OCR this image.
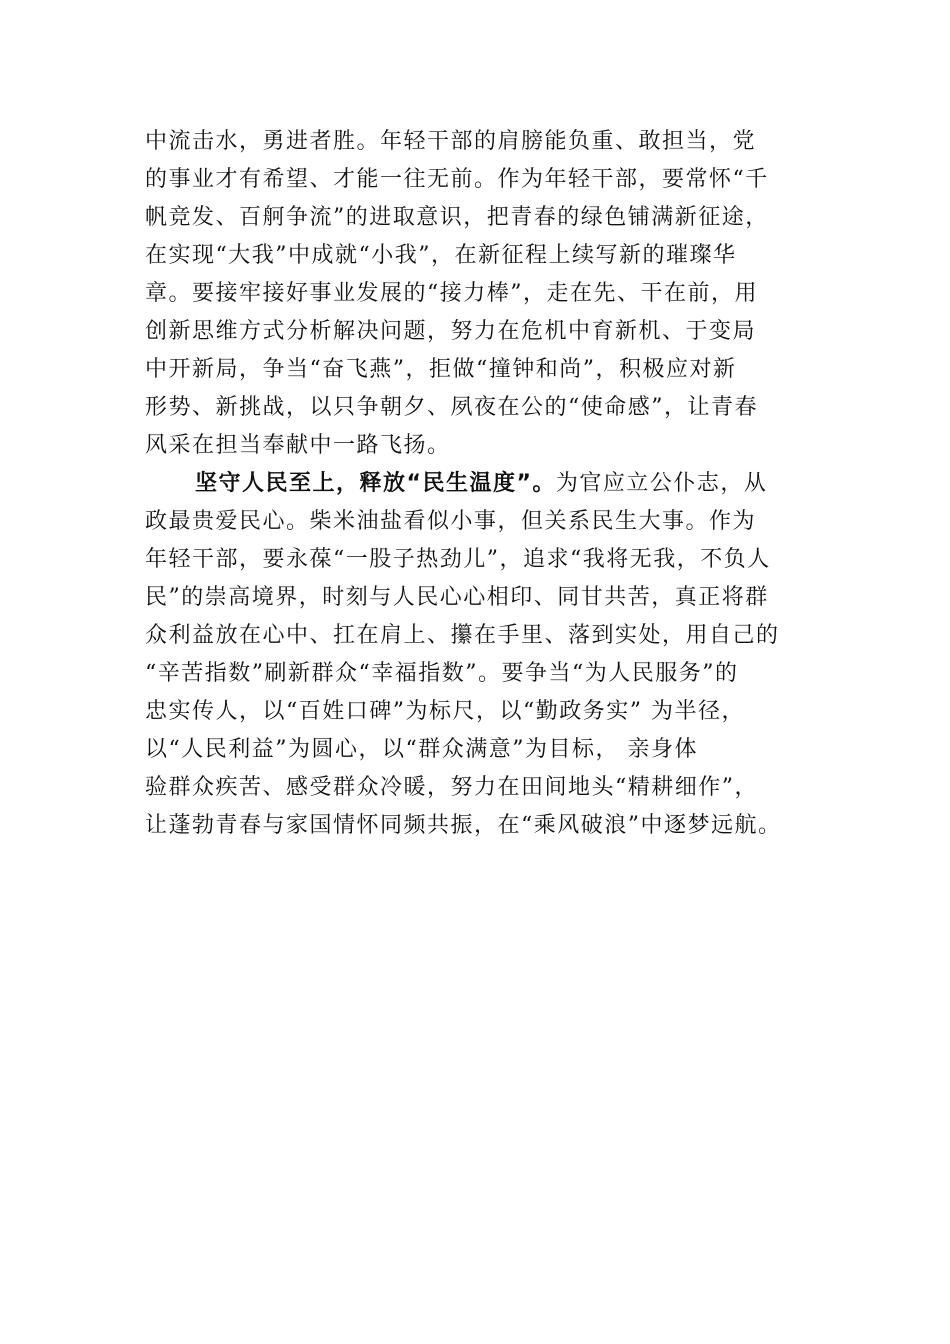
中流击水，勇进者胜。年轻干部的肩膀能负重、敢担当，党
的事业才有希望、才能一往无前。作为年轻干部，要常怀“千
帆竞发、百舸争流”的进取意识，把青春的绿色铺满新征途，
在实现“大我”中成就“小我”，在新征程上续写新的璀璨华
章。要接牢接好事业发展的“接力棒”，走在先、干在前，用
创新思维方式分析解决问题，努力在危机中育新机、于变局
中开新局，争当“奋飞燕”，拒做“撞钟和尚”，积极应对新
形势、新挑战，以只争朝夕、夙夜在公的“使命感”，让青春
风采在担当奉献中一路飞扬。
坚守人民至上，释放“民生温度”。为官应立公仆志，从
政最贵爱民心。柴米油盐看似小事，但关系民生大事。作为
年轻干部，要永葆“一股子热劲儿”，追求“我将无我，不负人
民”的崇高境界，时刻与人民心心相印、同甘共苦，真正将群
众利益放在心中、扛在肩上、攥在手里、落到实处，用自己的
“辛苦指数”刷新群众“幸福指数”。要争当“为人民服务”的
忠实传人，以“百姓口碑”为标尺，以“勤政务实” 为半径，
以“人民利益”为圆心，以“群众满意”为目标， 亲身体
验群众疾苦、感受群众冷暖，努力在田间地头“精耕细作”，
让蓬勃青春与家国情怀同频共振，在“乘风破浪”中逐梦远航。
